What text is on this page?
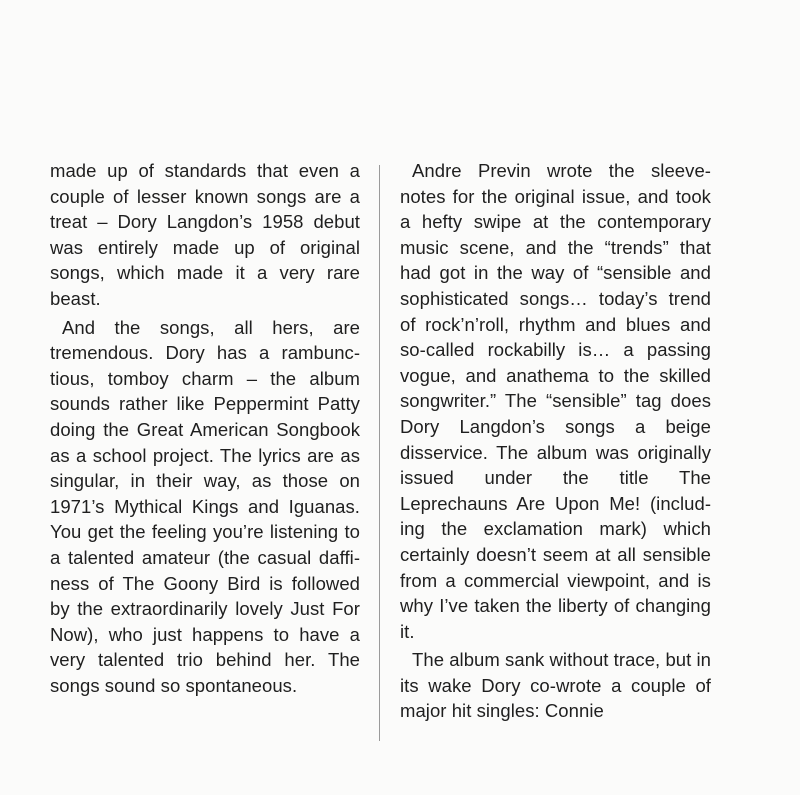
made up of standards that even a couple of lesser known songs are a treat – Dory Langdon’s 1958 debut was entirely made up of original songs, which made it a very rare beast.

And the songs, all hers, are tremendous. Dory has a rambunctious, tomboy charm – the album sounds rather like Peppermint Patty doing the Great American Songbook as a school project. The lyrics are as singular, in their way, as those on 1971’s Mythical Kings and Iguanas. You get the feeling you’re listening to a talented amateur (the casual daffiness of The Goony Bird is followed by the extraordinarily lovely Just For Now), who just happens to have a very talented trio behind her. The songs sound so spontaneous.

Andre Previn wrote the sleeve-notes for the original issue, and took a hefty swipe at the contemporary music scene, and the “trends” that had got in the way of “sensible and sophisticated songs… today’s trend of rock’n’roll, rhythm and blues and so-called rockabilly is… a passing vogue, and anathema to the skilled songwriter.” The “sensible” tag does Dory Langdon’s songs a beige disservice. The album was originally issued under the title The Leprechauns Are Upon Me! (including the exclamation mark) which certainly doesn’t seem at all sensible from a commercial viewpoint, and is why I’ve taken the liberty of changing it.

The album sank without trace, but in its wake Dory co-wrote a couple of major hit singles: Connie
